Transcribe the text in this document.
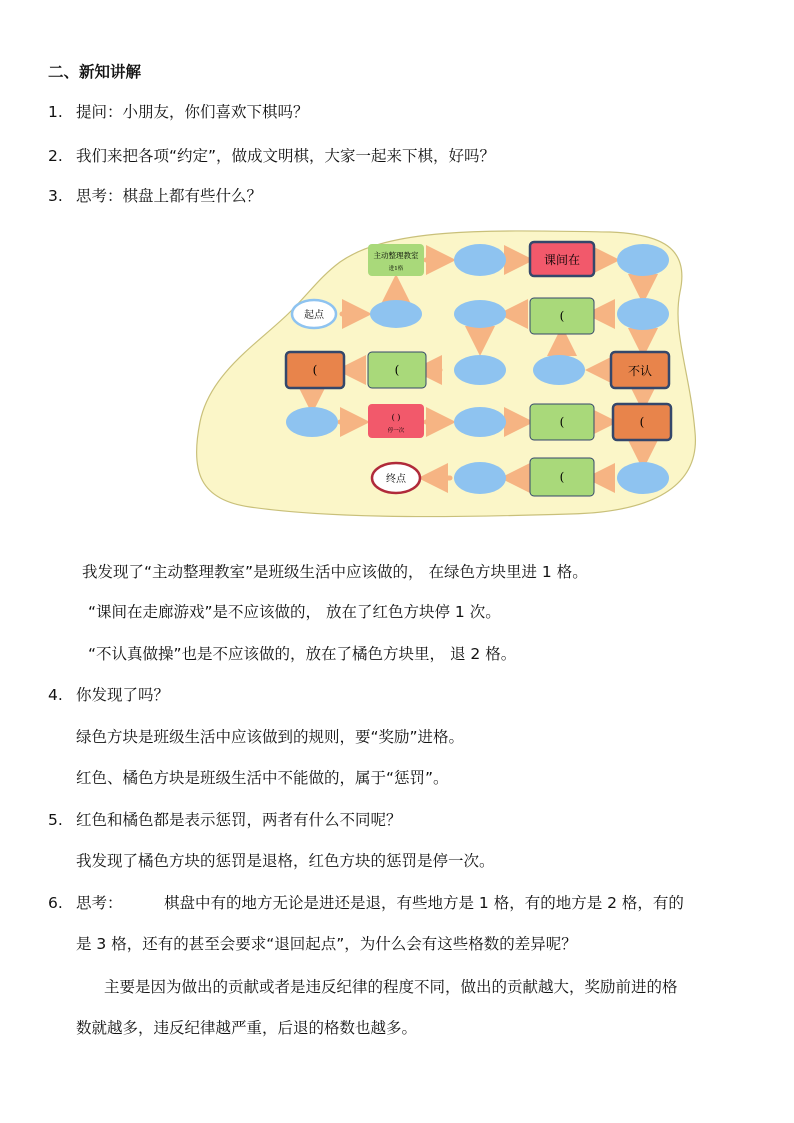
二、新知讲解
1. 提问：小朋友，你们喜欢下棋吗？
2. 我们来把各项“约定”，做成文明棋，大家一起来下棋，好吗？
3. 思考：棋盘上都有些什么？
起点
主动整理教室
进1格
课间在
(
不认
(	(
( )
停一次
(	(
(
终点
我发现了“主动整理教室”是班级生活中应该做的， 在绿色方块里进 1 格。
“课间在走廊游戏”是不应该做的， 放在了红色方块停 1 次。
“不认真做操”也是不应该做的，放在了橘色方块里， 退 2 格。
4. 你发现了吗？
绿色方块是班级生活中应该做到的规则，要“奖励”进格。
红色、橘色方块是班级生活中不能做的，属于“惩罚”。
5. 红色和橘色都是表示惩罚，两者有什么不同呢？
我发现了橘色方块的惩罚是退格，红色方块的惩罚是停一次。
6. 思考：	棋盘中有的地方无论是进还是退，有些地方是 1 格，有的地方是 2 格，有的
是 3 格，还有的甚至会要求“退回起点”，为什么会有这些格数的差异呢？
主要是因为做出的贡献或者是违反纪律的程度不同，做出的贡献越大，奖励前进的格
数就越多，违反纪律越严重，后退的格数也越多。
